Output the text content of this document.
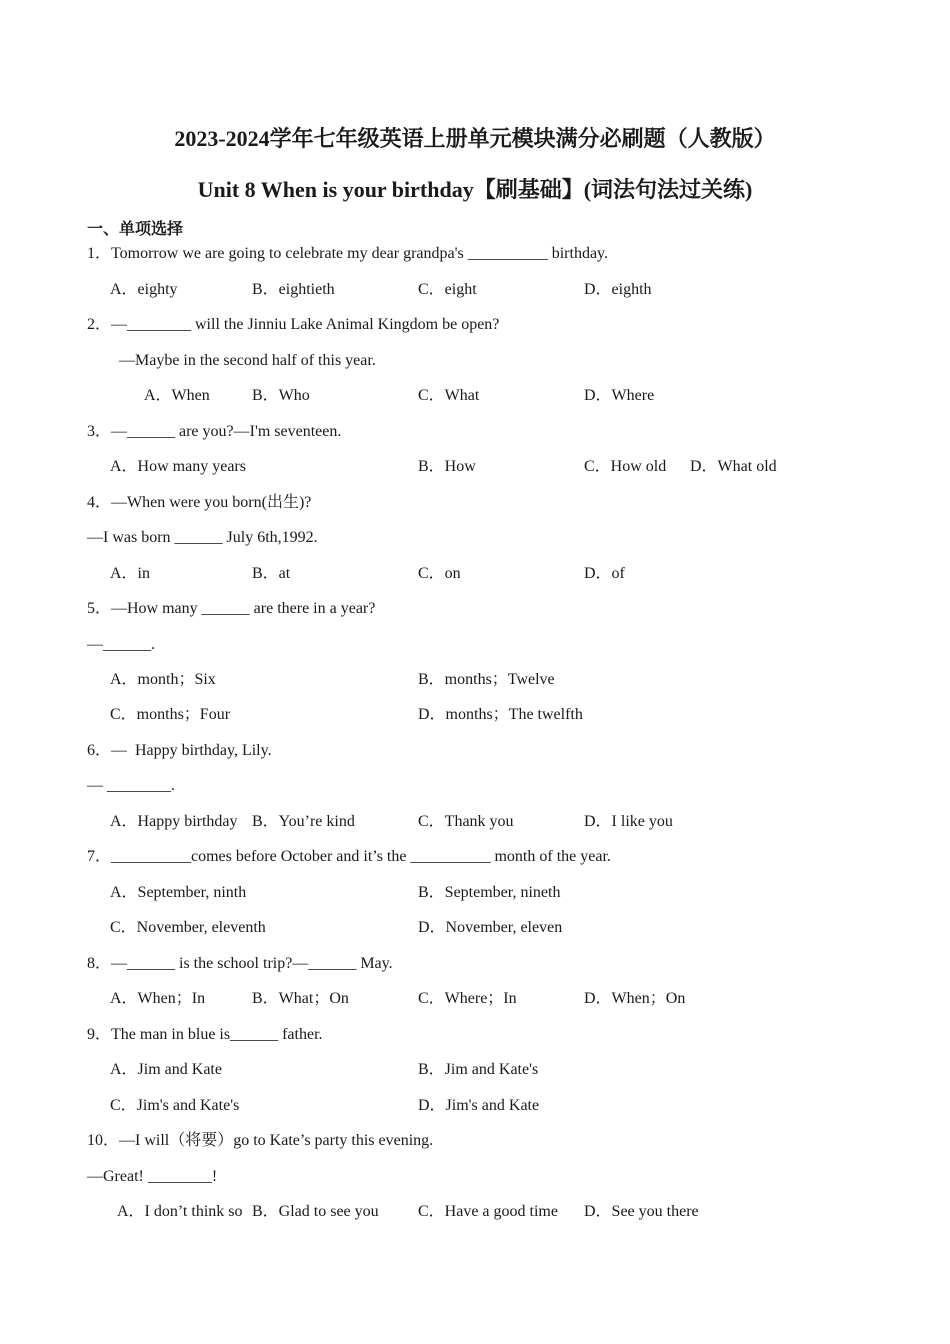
2023-2024学年七年级英语上册单元模块满分必刷题（人教版）
Unit 8 When is your birthday【刷基础】(词法句法过关练)
一、单项选择
1．Tomorrow we are going to celebrate my dear grandpa's __________ birthday.
A．eighty	B．eightieth	C．eight	D．eighth
2．—________ will the Jinniu Lake Animal Kingdom be open?
—Maybe in the second half of this year.
A．When	B．Who	C．What	D．Where
3．—______ are you?—I'm seventeen.
A．How many years	B．How	C．How old D．What old
4．—When were you born(出生)?
—I was born ______ July 6th,1992.
A．in	B．at	C．on	D．of
5．—How many ______ are there in a year?
—______.
A．month；Six	B．months；Twelve
C．months；Four	D．months；The twelfth
6．—  Happy birthday, Lily.
— ________.
A．Happy birthday B．You’re kind	C．Thank you	D．I like you
7．__________comes before October and it’s the __________ month of the year.
A．September, ninth	B．September, nineth
C．November, eleventh	D．November, eleven
8．—______ is the school trip?—______ May.
A．When；In	B．What；On	C．Where；In	D．When；On
9．The man in blue is______ father.
A．Jim and Kate	B．Jim and Kate's
C．Jim's and Kate's	D．Jim's and Kate
10．—I will（将要）go to Kate’s party this evening.
—Great! ________!
A．I don’t think so B．Glad to see you C．Have a good time D．See you there
